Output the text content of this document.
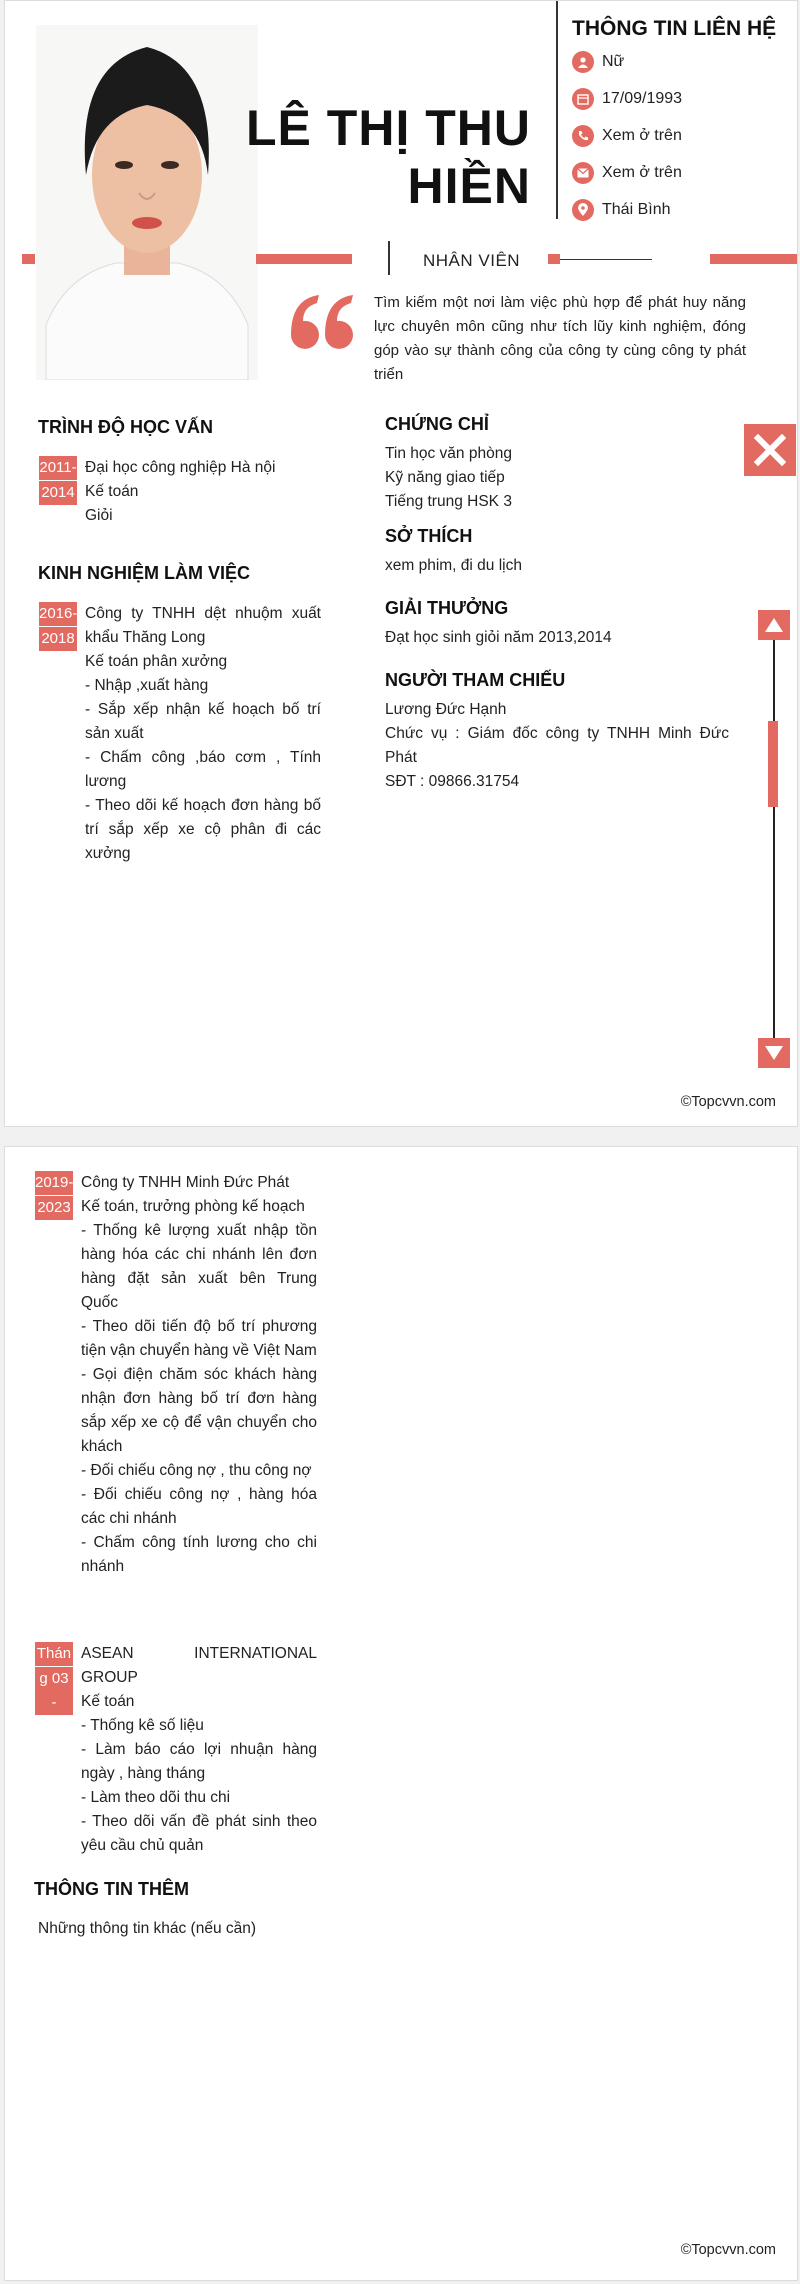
LÊ THỊ THU
HIỀN
THÔNG TIN LIÊN HỆ
Nữ
17/09/1993
Xem ở trên
Xem ở trên
Thái Bình
NHÂN VIÊN
Tìm kiếm một nơi làm việc phù hợp để phát huy năng lực chuyên môn cũng như tích lũy kinh nghiệm, đóng góp vào sự thành công của công ty cùng công ty phát triển
TRÌNH ĐỘ HỌC VẤN
2011-
2014
Đại học công nghiệp Hà nội
Kế toán
Giỏi
KINH NGHIỆM LÀM VIỆC
2016-
2018
Công ty TNHH dệt nhuộm xuất khẩu Thăng Long
Kế toán phân xưởng
- Nhập ,xuất hàng
- Sắp xếp nhận kế hoạch bố trí sản xuất
- Chấm công ,báo cơm , Tính lương
- Theo dõi kế hoạch đơn hàng bố trí sắp xếp xe cộ phân đi các xưởng
CHỨNG CHỈ
Tin học văn phòng
Kỹ năng giao tiếp
Tiếng trung HSK 3
SỞ THÍCH
xem phim, đi du lịch
GIẢI THƯỞNG
Đạt học sinh giỏi năm 2013,2014
NGƯỜI THAM CHIẾU
Lương Đức Hạnh
Chức vụ : Giám đốc công ty TNHH Minh Đức Phát
SĐT : 09866.31754
©Topcvvn.com
2019-
2023
Công ty TNHH Minh Đức Phát
Kế toán, trưởng phòng kế hoạch
- Thống kê lượng xuất nhập tồn hàng hóa các chi nhánh lên đơn hàng đặt sản xuất bên Trung Quốc
- Theo dõi tiến độ bố trí phương tiện vận chuyển hàng về Việt Nam
- Gọi điện chăm sóc khách hàng nhận đơn hàng bố trí đơn hàng sắp xếp xe cộ để vận chuyển cho khách
- Đối chiếu công nợ , thu công nợ
- Đối chiếu công nợ , hàng hóa các chi nhánh
- Chấm công tính lương cho chi nhánh
Thán
g 03 -
ASEAN INTERNATIONAL GROUP
Kế toán
- Thống kê số liệu
- Làm báo cáo lợi nhuận hàng ngày , hàng tháng
- Làm theo dõi thu chi
- Theo dõi vấn đề phát sinh theo yêu cầu chủ quản
THÔNG TIN THÊM
Những thông tin khác (nếu cần)
©Topcvvn.com
